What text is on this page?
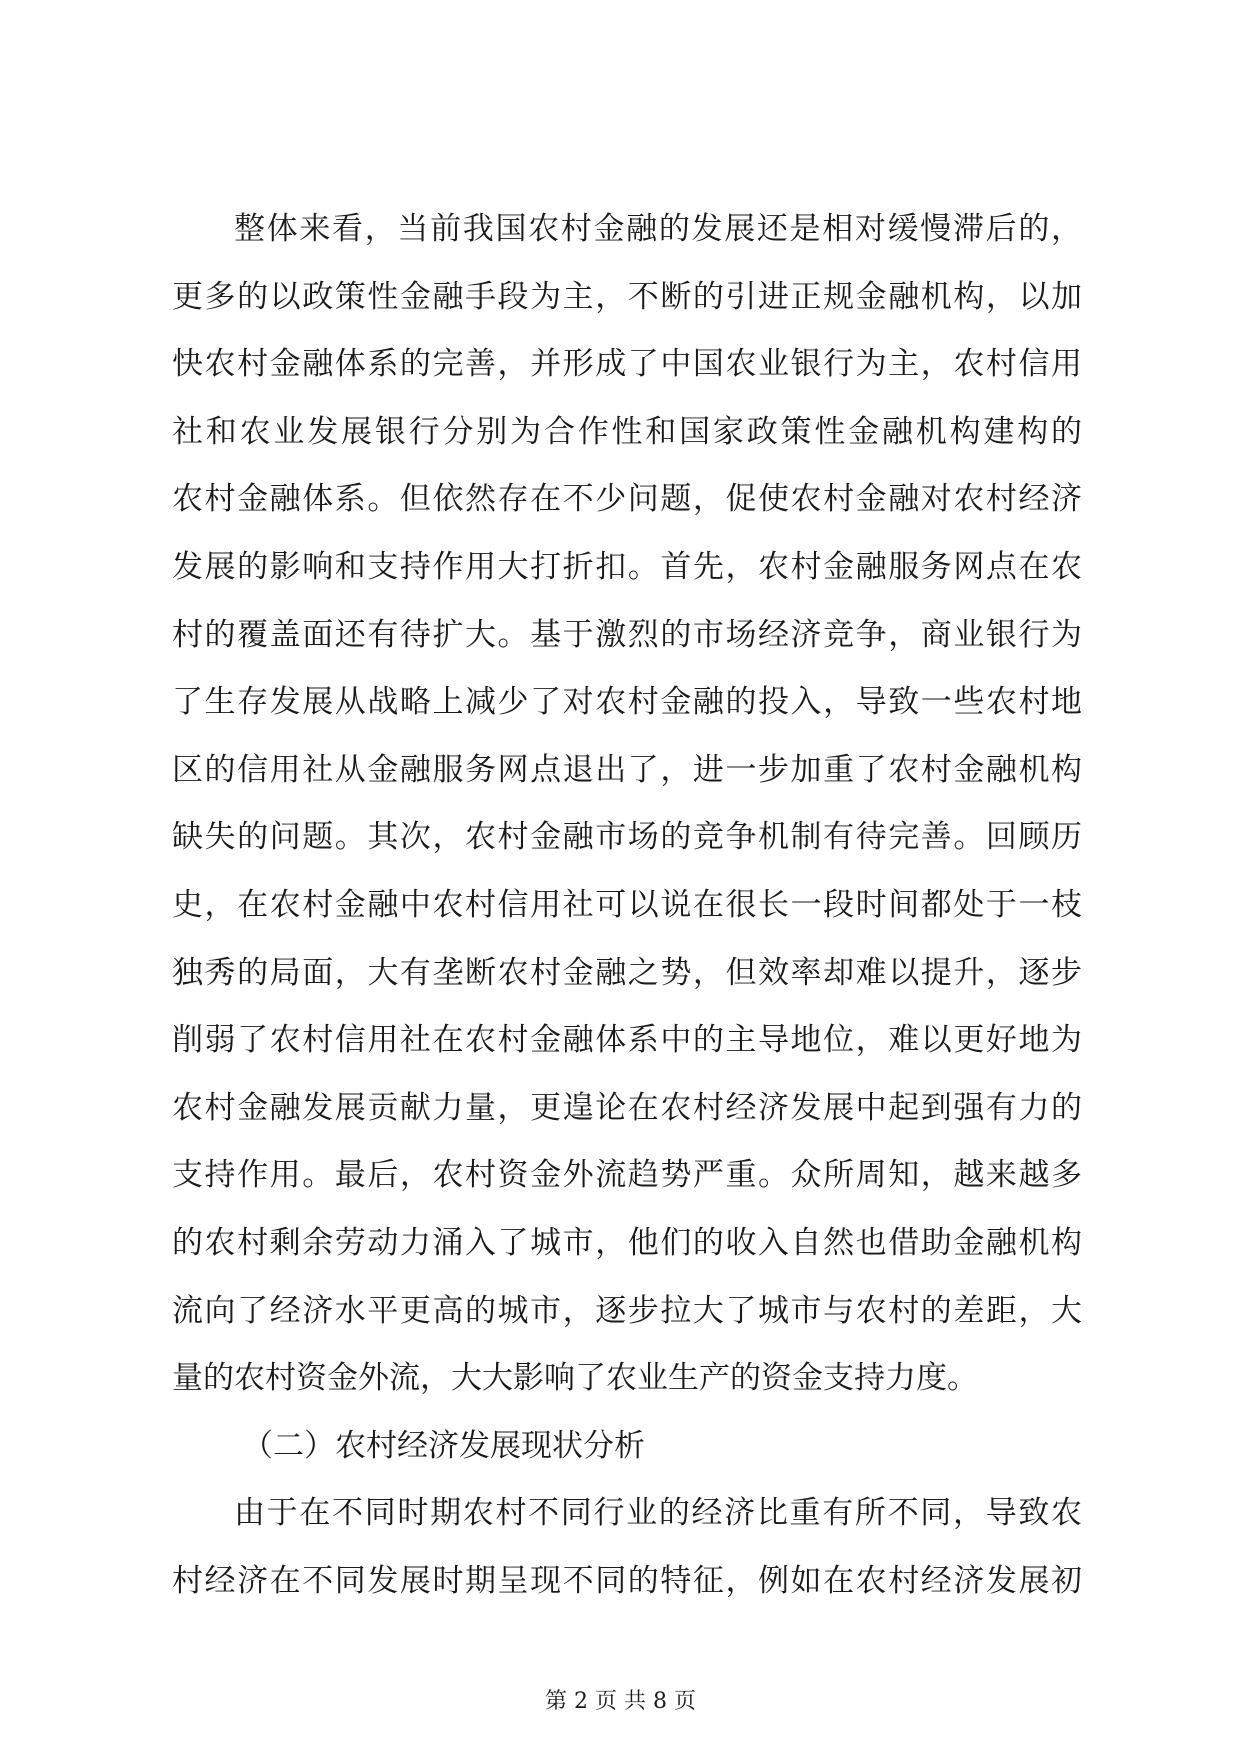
整体来看，当前我国农村金融的发展还是相对缓慢滞后的，
更多的以政策性金融手段为主，不断的引进正规金融机构，以加
快农村金融体系的完善，并形成了中国农业银行为主，农村信用
社和农业发展银行分别为合作性和国家政策性金融机构建构的
农村金融体系。但依然存在不少问题，促使农村金融对农村经济
发展的影响和支持作用大打折扣。首先，农村金融服务网点在农
村的覆盖面还有待扩大。基于激烈的市场经济竞争，商业银行为
了生存发展从战略上减少了对农村金融的投入，导致一些农村地
区的信用社从金融服务网点退出了，进一步加重了农村金融机构
缺失的问题。其次，农村金融市场的竞争机制有待完善。回顾历
史，在农村金融中农村信用社可以说在很长一段时间都处于一枝
独秀的局面，大有垄断农村金融之势，但效率却难以提升，逐步
削弱了农村信用社在农村金融体系中的主导地位，难以更好地为
农村金融发展贡献力量，更遑论在农村经济发展中起到强有力的
支持作用。最后，农村资金外流趋势严重。众所周知，越来越多
的农村剩余劳动力涌入了城市，他们的收入自然也借助金融机构
流向了经济水平更高的城市，逐步拉大了城市与农村的差距，大
量的农村资金外流，大大影响了农业生产的资金支持力度。
（二）农村经济发展现状分析
由于在不同时期农村不同行业的经济比重有所不同，导致农
村经济在不同发展时期呈现不同的特征，例如在农村经济发展初
第 2 页 共 8 页
